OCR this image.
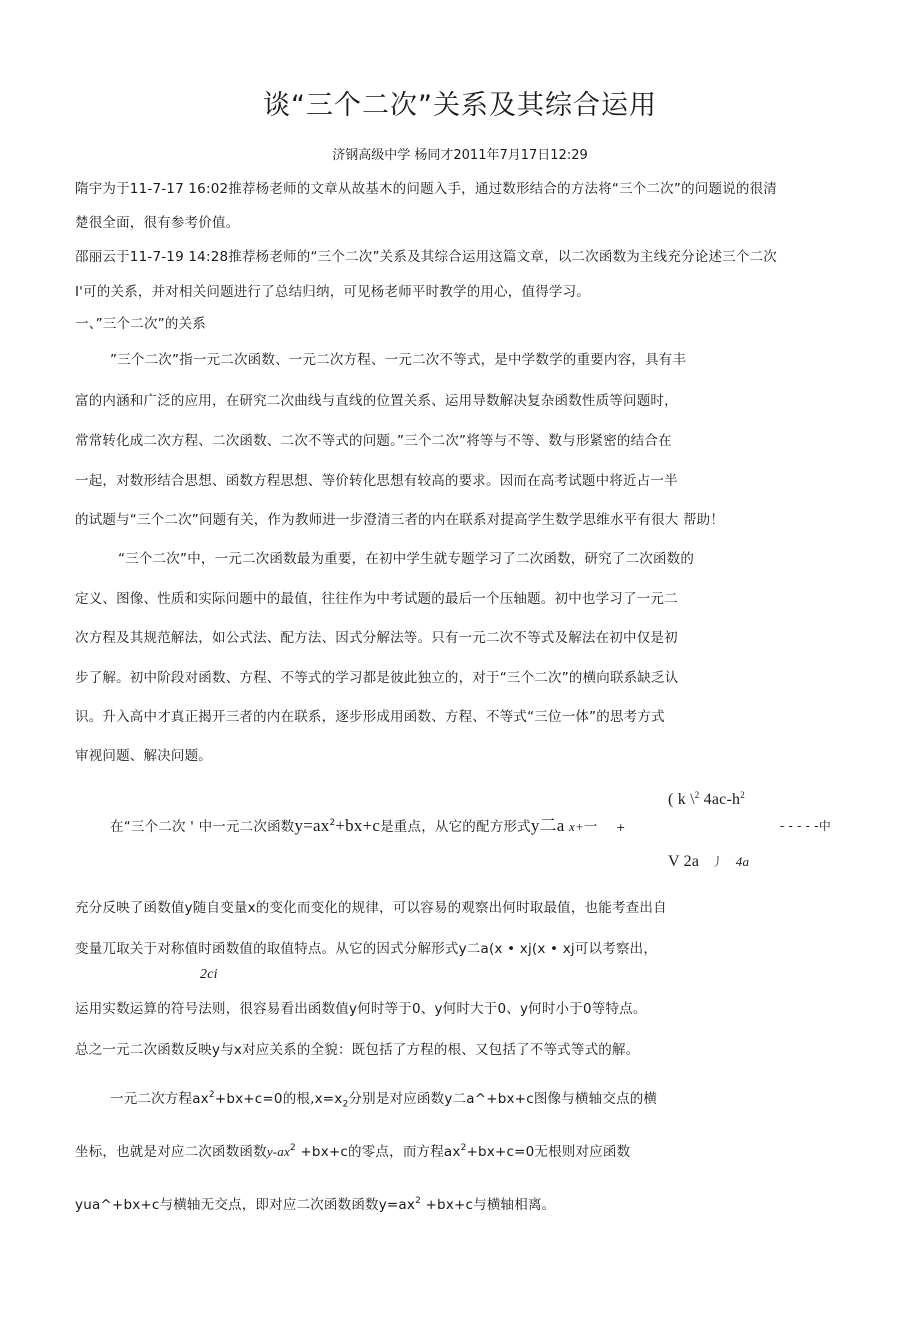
谈“三个二次”关系及其综合运用
济钢高级中学 杨同才2011年7月17日12:29
隋宇为于11-7-17 16:02推荐杨老师的文章从故基木的问题入手，通过数形结合的方法将“三个二次”的问题说的很清
楚很全面，很有参考价值。
邵丽云于11-7-19 14:28推荐杨老师的“三个二次”关系及其综合运用这篇文章，以二次函数为主线充分论述三个二次
I'可的关系，并对相关问题进行了总结归纳，可见杨老师平时教学的用心，值得学习。
一、”三个二次”的关系
”三个二次”指一元二次函数、一元二次方程、一元二次不等式，是中学数学的重要内容，具有丰
富的内涵和广泛的应用，在研究二次曲线与直线的位置关系、运用导数解决复杂函数性质等问题时，
常常转化成二次方程、二次函数、二次不等式的问题。”三个二次”将等与不等、数与形紧密的结合在
一起，对数形结合思想、函数方程思想、等价转化思想有较高的要求。因而在高考试题中将近占一半
的试题与“三个二次”问题有关，作为教师进一步澄清三者的内在联系对提高学生数学思维水平有很大 帮助！
“三个二次”中，一元二次函数最为重要，在初中学生就专题学习了二次函数，研究了二次函数的
定义、图像、性质和实际问题中的最值，往往作为中考试题的最后一个压轴题。初中也学习了一元二
次方程及其规范解法，如公式法、配方法、因式分解法等。只有一元二次不等式及解法在初中仅是初
步了解。初中阶段对函数、方程、不等式的学习都是彼此独立的，对于“三个二次”的横向联系缺乏认
识。升入高中才真正揭开三者的内在联系，逐步形成用函数、方程、不等式“三位一体”的思考方式
审视问题、解决问题。
( k \$^2$ $4ac-h^2$
在“三个二次 ' 中一元二次函数$y=ax^2+bx+c$是重点，从它的配方形式y二a x+一 +	- - - - -中
V 2a 丿 4a
充分反映了函数值y随自变量x的变化而变化的规律，可以容易的观察出何时取最值，也能考查出自
变量兀取关于对称值时函数值的取值特点。从它的因式分解形式y二a(x • xj(x • xj可以考察出，
2ci
运用实数运算的符号法则，很容易看出函数值y何时等于0、y何时大于0、y何时小于0等特点。
总之一元二次函数反映y与x对应关系的全貌：既包括了方程的根、又包括了不等式等式的解。
一元二次方程$ax^2+bx+c=0$的根$,x=x_2$分别是对应函数y二a^+bx+c图像与横轴交点的横
坐标，也就是对应二次函数函数$y-ax^2 +bx+c$的零点，而方程$ax^2+bx+c=0$无根则对应函数
yua^+bx+c与横轴无交点，即对应二次函数函数$y=ax^2 +bx+c$与横轴相离。
